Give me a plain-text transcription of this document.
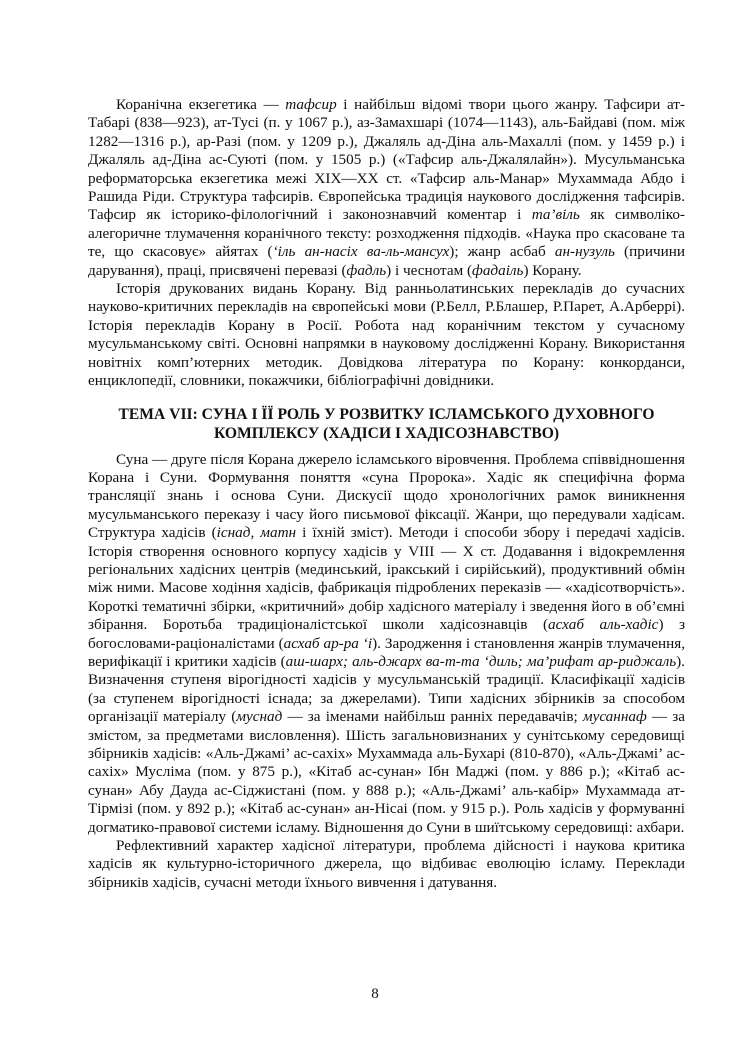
Коранічна екзегетика — тафсир і найбільш відомі твори цього жанру. Тафсири ат-Табарі (838—923), ат-Тусі (п. у 1067 р.), аз-Замахшарі (1074—1143), аль-Байдаві (пом. між 1282—1316 р.), ар-Разі (пом. у 1209 р.), Джаляль ад-Діна аль-Махаллі (пом. у 1459 р.) і Джаляль ад-Діна ас-Суюті (пом. у 1505 р.) («Тафсир аль-Джалялайн»). Мусульманська реформаторська екзегетика межі XIX—XX ст. «Тафсир аль-Манар» Мухаммада Абдо і Рашида Ріди. Структура тафсирів. Європейська традиція наукового дослідження тафсирів. Тафсир як історико-філологічний і законознавчий коментар і та’віль як символіко-алегоричне тлумачення коранічного тексту: розходження підходів. «Наука про скасоване та те, що скасовує» айятах (‘іль ан-насіх ва-ль-мансух); жанр асбаб ан-нузуль (причини дарування), праці, присвячені перевазі (фадль) і чеснотам (фадаіль) Корану.

Історія друкованих видань Корану. Від ранньолатинських перекладів до сучасних науково-критичних перекладів на європейські мови (Р.Белл, Р.Блашер, Р.Парет, А.Арберрі). Історія перекладів Корану в Росії. Робота над коранічним текстом у сучасному мусульманському світі. Основні напрямки в науковому дослідженні Корану. Використання новітніх комп’ютерних методик. Довідкова література по Корану: конкорданси, енциклопедії, словники, покажчики, бібліографічні довідники.

ТЕМА VII: СУНА І ЇЇ РОЛЬ У РОЗВИТКУ ІСЛАМСЬКОГО ДУХОВНОГО
КОМПЛЕКСУ (ХАДІСИ І ХАДІСОЗНАВСТВО)

Суна — друге після Корана джерело ісламського віровчення. Проблема співвідношення Корана і Суни. Формування поняття «суна Пророка». Хадіс як специфічна форма трансляції знань і основа Суни. Дискусії щодо хронологічних рамок виникнення мусульманського переказу і часу його письмової фіксації. Жанри, що передували хадісам. Структура хадісів (існад, матн і їхній зміст). Методи і способи збору і передачі хадісів. Історія створення основного корпусу хадісів у VIII — X ст. Додавання і відокремлення регіональних хадісних центрів (мединський, іракський і сирійський), продуктивний обмін між ними. Масове ходіння хадісів, фабрикація підроблених переказів — «хадісотворчість». Короткі тематичні збірки, «критичний» добір хадісного матеріалу і зведення його в об’ємні збірання. Боротьба традиціоналістської школи хадісознавців (асхаб аль-хадіс) з богословами-раціоналістами (асхаб ар-ра ‘і). Зародження і становлення жанрів тлумачення, верифікації і критики хадісів (аш-шарх; аль-джарх ва-т-та ‘диль; ма’рифат ар-риджаль). Визначення ступеня вірогідності хадісів у мусульманській традиції. Класифікації хадісів (за ступенем вірогідності існада; за джерелами). Типи хадісних збірників за способом організації матеріалу (муснад — за іменами найбільш ранніх передавачів; мусаннаф — за змістом, за предметами висловлення). Шість загальновизнаних у сунітському середовищі збірників хадісів: «Аль-Джамі’ ас-сахіх» Мухаммада аль-Бухарі (810-870), «Аль-Джамі’ ас-сахіх» Мусліма (пом. у 875 р.), «Кітаб ас-сунан» Ібн Маджі (пом. у 886 р.); «Кітаб ас-сунан» Абу Дауда ас-Сіджистані (пом. у 888 р.); «Аль-Джамі’ аль-кабір» Мухаммада ат-Тірмізі (пом. у 892 р.); «Кітаб ас-сунан» ан-Нісаі (пом. у 915 р.). Роль хадісів у формуванні догматико-правової системи ісламу. Відношення до Суни в шиїтському середовищі: ахбари.

Рефлективний характер хадісної літератури, проблема дійсності і наукова критика хадісів як культурно-історичного джерела, що відбиває еволюцію ісламу. Переклади збірників хадісів, сучасні методи їхнього вивчення і датування.

8
